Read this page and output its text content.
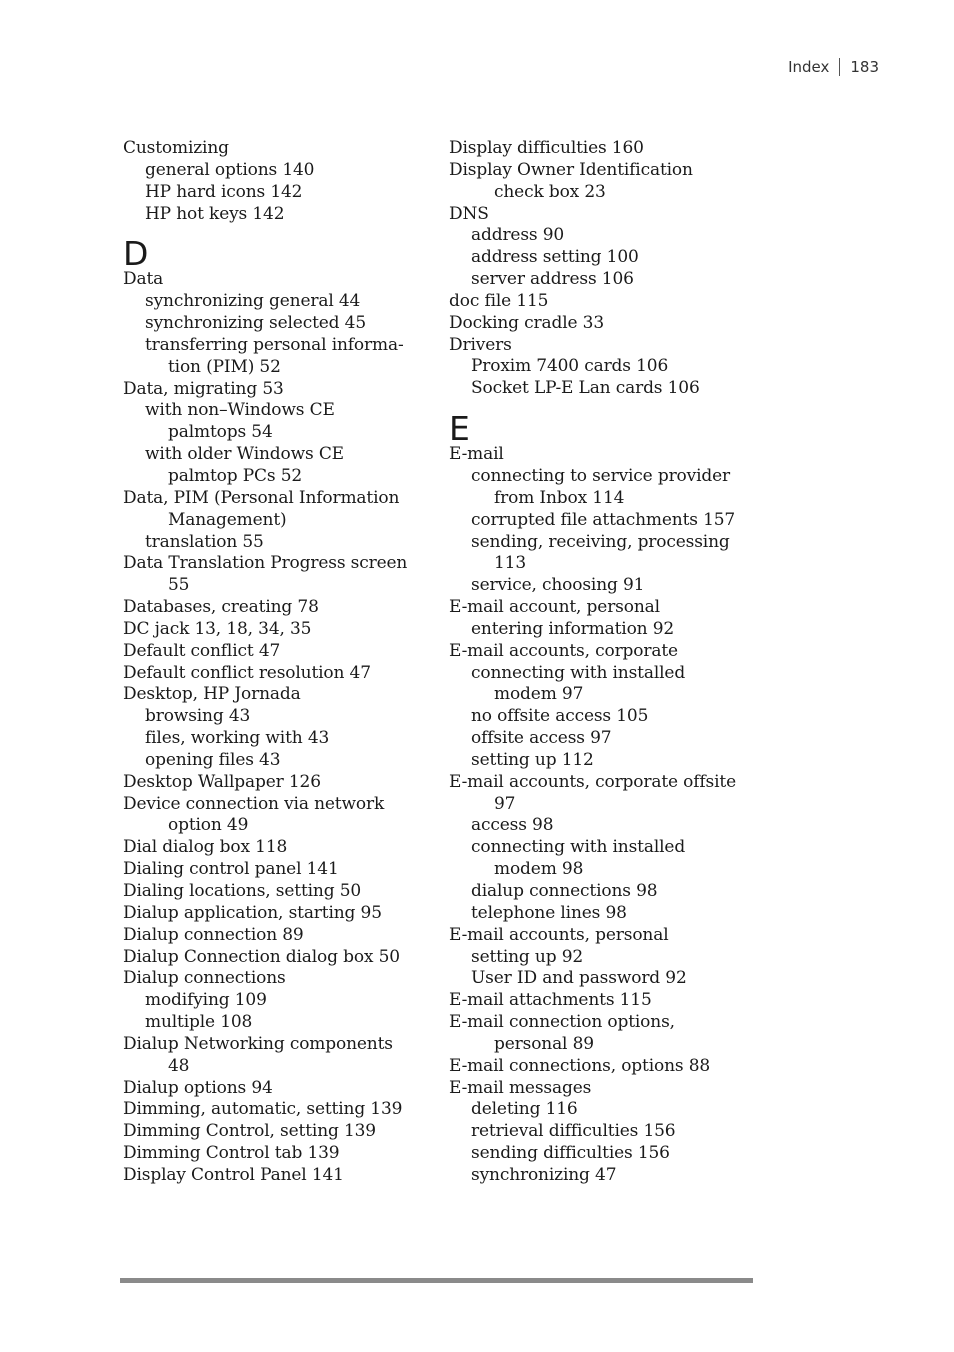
Index 183
Customizing
general options 140
HP hard icons 142
HP hot keys 142
D
Data
synchronizing general 44
synchronizing selected 45
transferring personal informa-
tion (PIM) 52
Data, migrating 53
with non–Windows CE
palmtops 54
with older Windows CE
palmtop PCs 52
Data, PIM (Personal Information
Management)
translation 55
Data Translation Progress screen
55
Databases, creating 78
DC jack 13, 18, 34, 35
Default conflict 47
Default conflict resolution 47
Desktop, HP Jornada
browsing 43
files, working with 43
opening files 43
Desktop Wallpaper 126
Device connection via network
option 49
Dial dialog box 118
Dialing control panel 141
Dialing locations, setting 50
Dialup application, starting 95
Dialup connection 89
Dialup Connection dialog box 50
Dialup connections
modifying 109
multiple 108
Dialup Networking components
48
Dialup options 94
Dimming, automatic, setting 139
Dimming Control, setting 139
Dimming Control tab 139
Display Control Panel 141
Display difficulties 160
Display Owner Identification
check box 23
DNS
address 90
address setting 100
server address 106
doc file 115
Docking cradle 33
Drivers
Proxim 7400 cards 106
Socket LP-E Lan cards 106
E
E-mail
connecting to service provider
from Inbox 114
corrupted file attachments 157
sending, receiving, processing
113
service, choosing 91
E-mail account, personal
entering information 92
E-mail accounts, corporate
connecting with installed
modem 97
no offsite access 105
offsite access 97
setting up 112
E-mail accounts, corporate offsite
97
access 98
connecting with installed
modem 98
dialup connections 98
telephone lines 98
E-mail accounts, personal
setting up 92
User ID and password 92
E-mail attachments 115
E-mail connection options,
personal 89
E-mail connections, options 88
E-mail messages
deleting 116
retrieval difficulties 156
sending difficulties 156
synchronizing 47
